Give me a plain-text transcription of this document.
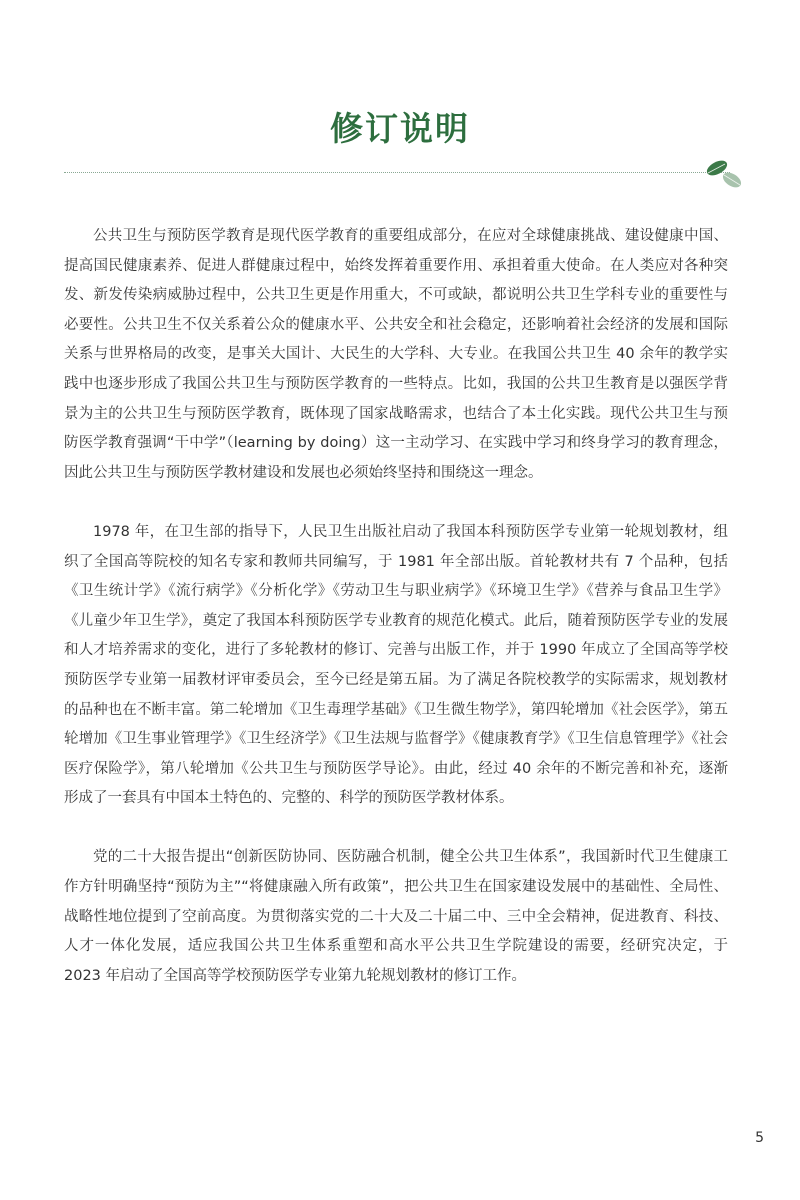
修订说明

公共卫生与预防医学教育是现代医学教育的重要组成部分，在应对全球健康挑战、建设健康中国、提高国民健康素养、促进人群健康过程中，始终发挥着重要作用、承担着重大使命。在人类应对各种突发、新发传染病威胁过程中，公共卫生更是作用重大，不可或缺，都说明公共卫生学科专业的重要性与必要性。公共卫生不仅关系着公众的健康水平、公共安全和社会稳定，还影响着社会经济的发展和国际关系与世界格局的改变，是事关大国计、大民生的大学科、大专业。在我国公共卫生 40 余年的教学实践中也逐步形成了我国公共卫生与预防医学教育的一些特点。比如，我国的公共卫生教育是以强医学背景为主的公共卫生与预防医学教育，既体现了国家战略需求，也结合了本土化实践。现代公共卫生与预防医学教育强调“干中学”（learning by doing）这一主动学习、在实践中学习和终身学习的教育理念，因此公共卫生与预防医学教材建设和发展也必须始终坚持和围绕这一理念。

1978 年，在卫生部的指导下，人民卫生出版社启动了我国本科预防医学专业第一轮规划教材，组织了全国高等院校的知名专家和教师共同编写，于 1981 年全部出版。首轮教材共有 7 个品种，包括《卫生统计学》《流行病学》《分析化学》《劳动卫生与职业病学》《环境卫生学》《营养与食品卫生学》《儿童少年卫生学》，奠定了我国本科预防医学专业教育的规范化模式。此后，随着预防医学专业的发展和人才培养需求的变化，进行了多轮教材的修订、完善与出版工作，并于 1990 年成立了全国高等学校预防医学专业第一届教材评审委员会，至今已经是第五届。为了满足各院校教学的实际需求，规划教材的品种也在不断丰富。第二轮增加《卫生毒理学基础》《卫生微生物学》，第四轮增加《社会医学》，第五轮增加《卫生事业管理学》《卫生经济学》《卫生法规与监督学》《健康教育学》《卫生信息管理学》《社会医疗保险学》，第八轮增加《公共卫生与预防医学导论》。由此，经过 40 余年的不断完善和补充，逐渐形成了一套具有中国本土特色的、完整的、科学的预防医学教材体系。

党的二十大报告提出“创新医防协同、医防融合机制，健全公共卫生体系”，我国新时代卫生健康工作方针明确坚持“预防为主”“将健康融入所有政策”，把公共卫生在国家建设发展中的基础性、全局性、战略性地位提到了空前高度。为贯彻落实党的二十大及二十届二中、三中全会精神，促进教育、科技、人才一体化发展，适应我国公共卫生体系重塑和高水平公共卫生学院建设的需要，经研究决定，于 2023 年启动了全国高等学校预防医学专业第九轮规划教材的修订工作。

5
